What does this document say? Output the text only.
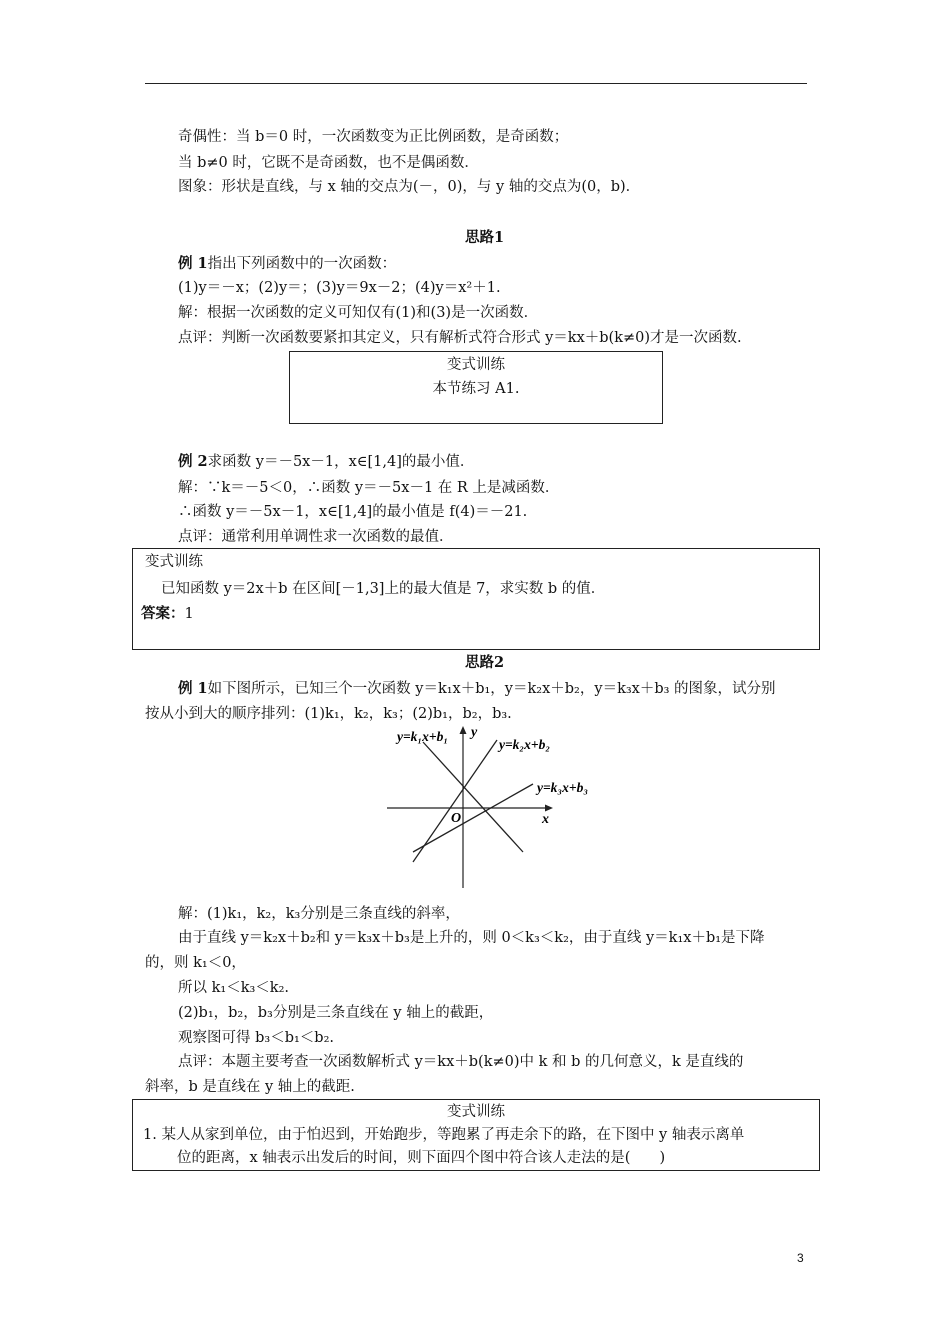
奇偶性：当 b＝0 时，一次函数变为正比例函数，是奇函数；
当 b≠0 时，它既不是奇函数，也不是偶函数．
图象：形状是直线，与 x 轴的交点为(－，0)，与 y 轴的交点为(0，b)．
思路1
例 1指出下列函数中的一次函数：
(1)y＝－x；(2)y＝；(3)y＝9x－2；(4)y＝x²＋1.
解：根据一次函数的定义可知仅有(1)和(3)是一次函数．
点评：判断一次函数要紧扣其定义，只有解析式符合形式 y＝kx＋b(k≠0)才是一次函数.
变式训练
本节练习 A1.
例 2求函数 y＝－5x－1，x∈[1,4]的最小值．
解：∵k＝－5＜0，∴函数 y＝－5x－1 在 R 上是减函数．
∴函数 y＝－5x－1，x∈[1,4]的最小值是 f(4)＝－21.
点评：通常利用单调性求一次函数的最值．
变式训练
已知函数 y＝2x＋b 在区间[－1,3]上的最大值是 7，求实数 b 的值．
答案：1
思路2
例 1如下图所示，已知三个一次函数 y＝k₁x＋b₁，y＝k₂x＋b₂，y＝k₃x＋b₃ 的图象，试分别
按从小到大的顺序排列：(1)k₁，k₂，k₃；(2)b₁，b₂，b₃.
y=k₁x+b₁
y=k₂x+b₂
y=k₃x+b₃
x
y
O
解：(1)k₁，k₂，k₃分别是三条直线的斜率，
由于直线 y＝k₂x＋b₂和 y＝k₃x＋b₃是上升的，则 0＜k₃＜k₂，由于直线 y＝k₁x＋b₁是下降
的，则 k₁＜0，
所以 k₁＜k₃＜k₂.
(2)b₁，b₂，b₃分别是三条直线在 y 轴上的截距，
观察图可得 b₃＜b₁＜b₂.
点评：本题主要考查一次函数解析式 y＝kx＋b(k≠0)中 k 和 b 的几何意义，k 是直线的
斜率，b 是直线在 y 轴上的截距.
变式训练
1. 某人从家到单位，由于怕迟到，开始跑步，等跑累了再走余下的路，在下图中 y 轴表示离单
位的距离，x 轴表示出发后的时间，则下面四个图中符合该人走法的是(　　)
3
